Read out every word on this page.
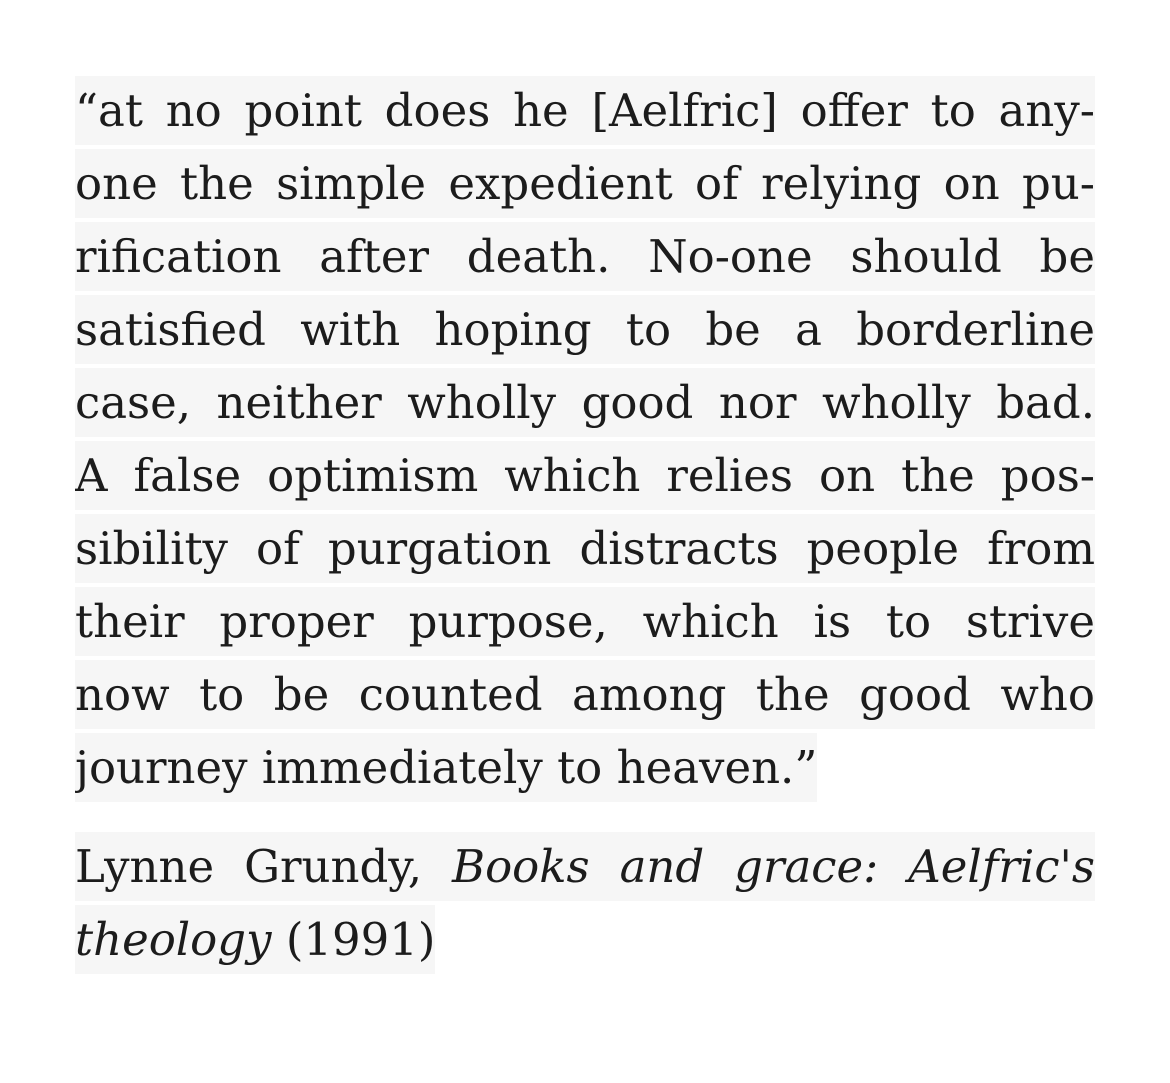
“at no point does he [Aelfric] offer to any- one the simple expedient of relying on pu- rification after death. No-one should be satisfied with hoping to be a borderline case, neither wholly good nor wholly bad. A false optimism which relies on the pos- sibility of purgation distracts people from their proper purpose, which is to strive now to be counted among the good who
journey immediately to heaven.”
Lynne Grundy, Books and grace: Aelfric's
theology (1991)
